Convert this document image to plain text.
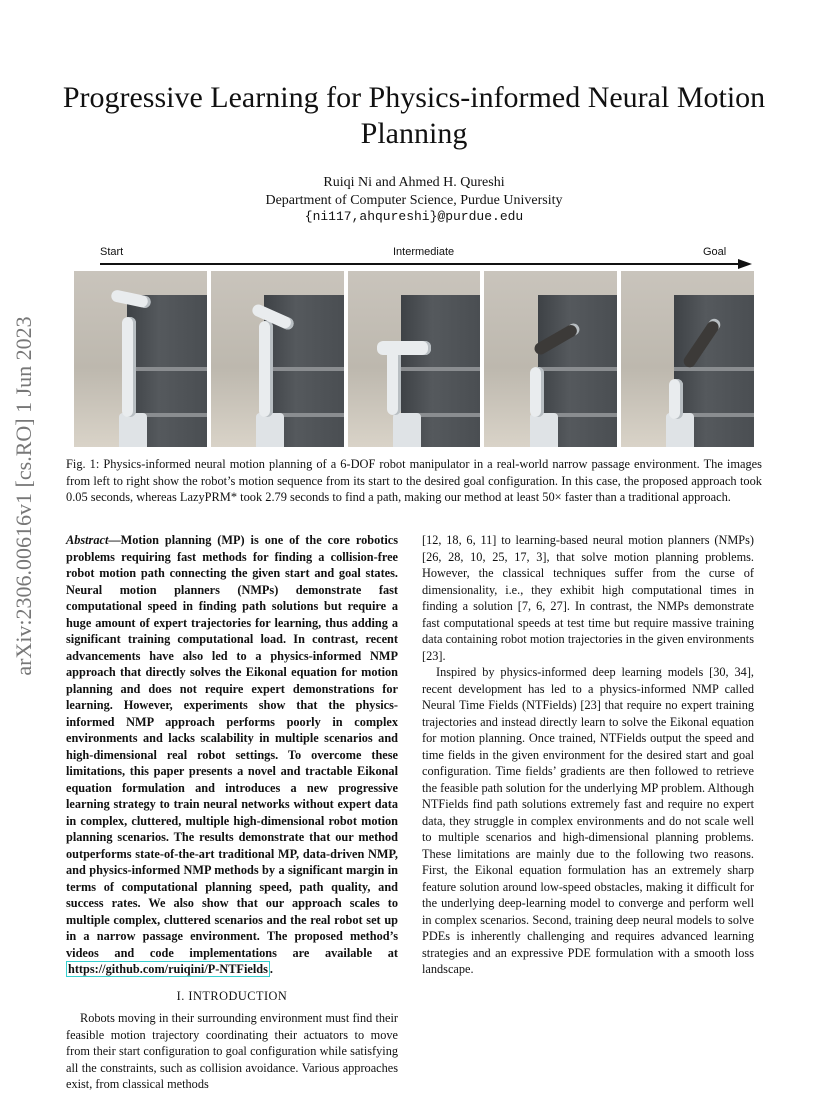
arXiv:2306.00616v1 [cs.RO] 1 Jun 2023
Progressive Learning for Physics-informed Neural Motion Planning
Ruiqi Ni and Ahmed H. Qureshi
Department of Computer Science, Purdue University
{ni117,ahqureshi}@purdue.edu
Start	Intermediate	Goal
Fig. 1: Physics-informed neural motion planning of a 6-DOF robot manipulator in a real-world narrow passage environment. The images from left to right show the robot’s motion sequence from its start to the desired goal configuration. In this case, the proposed approach took 0.05 seconds, whereas LazyPRM* took 2.79 seconds to find a path, making our method at least 50× faster than a traditional approach.

Abstract—Motion planning (MP) is one of the core robotics problems requiring fast methods for finding a collision-free robot motion path connecting the given start and goal states. Neural motion planners (NMPs) demonstrate fast computational speed in finding path solutions but require a huge amount of expert trajectories for learning, thus adding a significant training computational load. In contrast, recent advancements have also led to a physics-informed NMP approach that directly solves the Eikonal equation for motion planning and does not require expert demonstrations for learning. However, experiments show that the physics-informed NMP approach performs poorly in complex environments and lacks scalability in multiple scenarios and high-dimensional real robot settings. To overcome these limitations, this paper presents a novel and tractable Eikonal equation formulation and introduces a new progressive learning strategy to train neural networks without expert data in complex, cluttered, multiple high-dimensional robot motion planning scenarios. The results demonstrate that our method outperforms state-of-the-art traditional MP, data-driven NMP, and physics-informed NMP methods by a significant margin in terms of computational planning speed, path quality, and success rates. We also show that our approach scales to multiple complex, cluttered scenarios and the real robot set up in a narrow passage environment. The proposed method’s videos and code implementations are available at https://github.com/ruiqini/P-NTFields .

I. INTRODUCTION

Robots moving in their surrounding environment must find their feasible motion trajectory coordinating their actuators to move from their start configuration to goal configuration while satisfying all the constraints, such as collision avoidance. Various approaches exist, from classical methods

[12, 18, 6, 11] to learning-based neural motion planners (NMPs) [26, 28, 10, 25, 17, 3], that solve motion planning problems. However, the classical techniques suffer from the curse of dimensionality, i.e., they exhibit high computational times in finding a solution [7, 6, 27]. In contrast, the NMPs demonstrate fast computational speeds at test time but require massive training data containing robot motion trajectories in the given environments [23].

Inspired by physics-informed deep learning models [30, 34], recent development has led to a physics-informed NMP called Neural Time Fields (NTFields) [23] that require no expert training trajectories and instead directly learn to solve the Eikonal equation for motion planning. Once trained, NTFields output the speed and time fields in the given environment for the desired start and goal configuration. Time fields’ gradients are then followed to retrieve the feasible path solution for the underlying MP problem. Although NTFields find path solutions extremely fast and require no expert data, they struggle in complex environments and do not scale well to multiple scenarios and high-dimensional planning problems. These limitations are mainly due to the following two reasons. First, the Eikonal equation formulation has an extremely sharp feature solution around low-speed obstacles, making it difficult for the underlying deep-learning model to converge and perform well in complex scenarios. Second, training deep neural models to solve PDEs is inherently challenging and requires advanced learning strategies and an expressive PDE formulation with a smooth loss landscape.
